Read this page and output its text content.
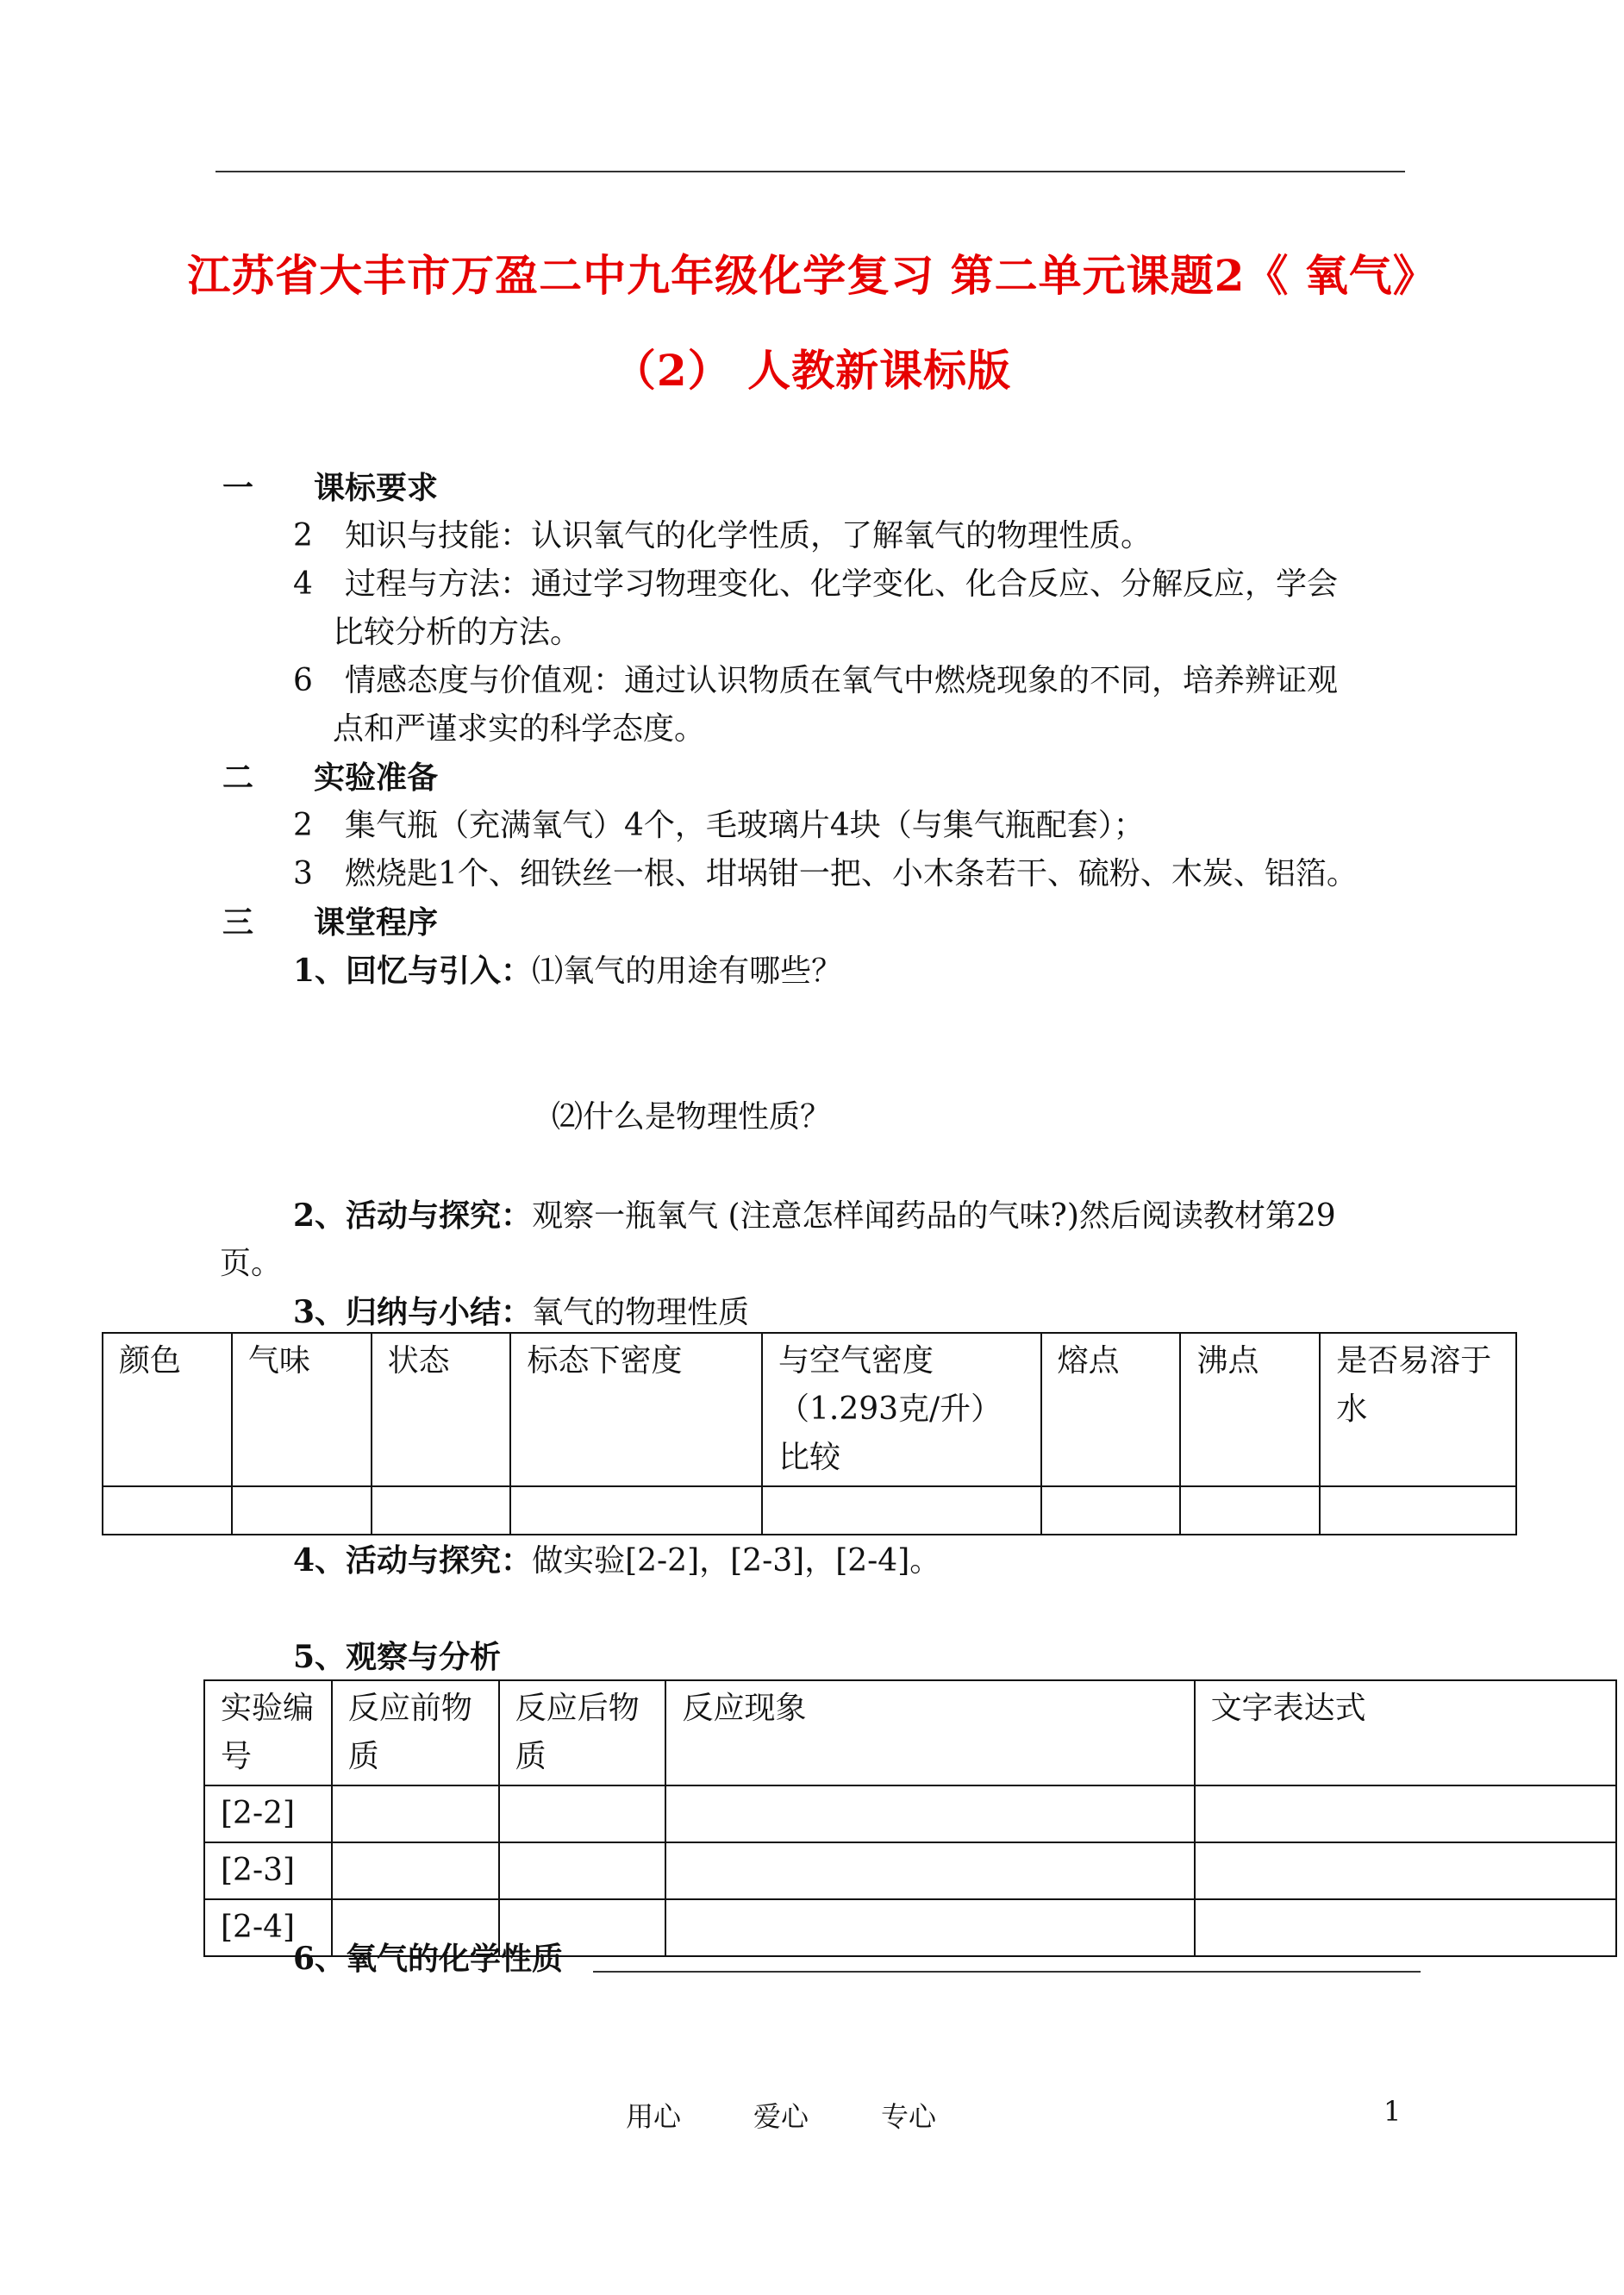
江苏省大丰市万盈二中九年级化学复习 第二单元课题2《 氧气》
（2） 人教新课标版
一 课标要求
2 知识与技能：认识氧气的化学性质，了解氧气的物理性质。
4 过程与方法：通过学习物理变化、化学变化、化合反应、分解反应，学会
比较分析的方法。
6 情感态度与价值观：通过认识物质在氧气中燃烧现象的不同，培养辨证观
点和严谨求实的科学态度。
二 实验准备
2 集气瓶（充满氧气）4个，毛玻璃片4块（与集气瓶配套）；
3 燃烧匙1个、细铁丝一根、坩埚钳一把、小木条若干、硫粉、木炭、铝箔。
三 课堂程序
1、回忆与引入：⑴氧气的用途有哪些？
⑵什么是物理性质？
2、活动与探究：观察一瓶氧气 (注意怎样闻药品的气味?)然后阅读教材第29
页。
3、归纳与小结：氧气的物理性质
颜色	气味	状态	标态下密度	与空气密度（1.293克/升）比较	熔点	沸点	是否易溶于水

4、活动与探究：做实验[2-2]，[2-3]，[2-4]。
5、观察与分析
实验编号	反应前物质	反应后物质	反应现象	文字表达式
[2-2]				
[2-3]				
[2-4]				
6、氧气的化学性质
用心	爱心	专心	1
